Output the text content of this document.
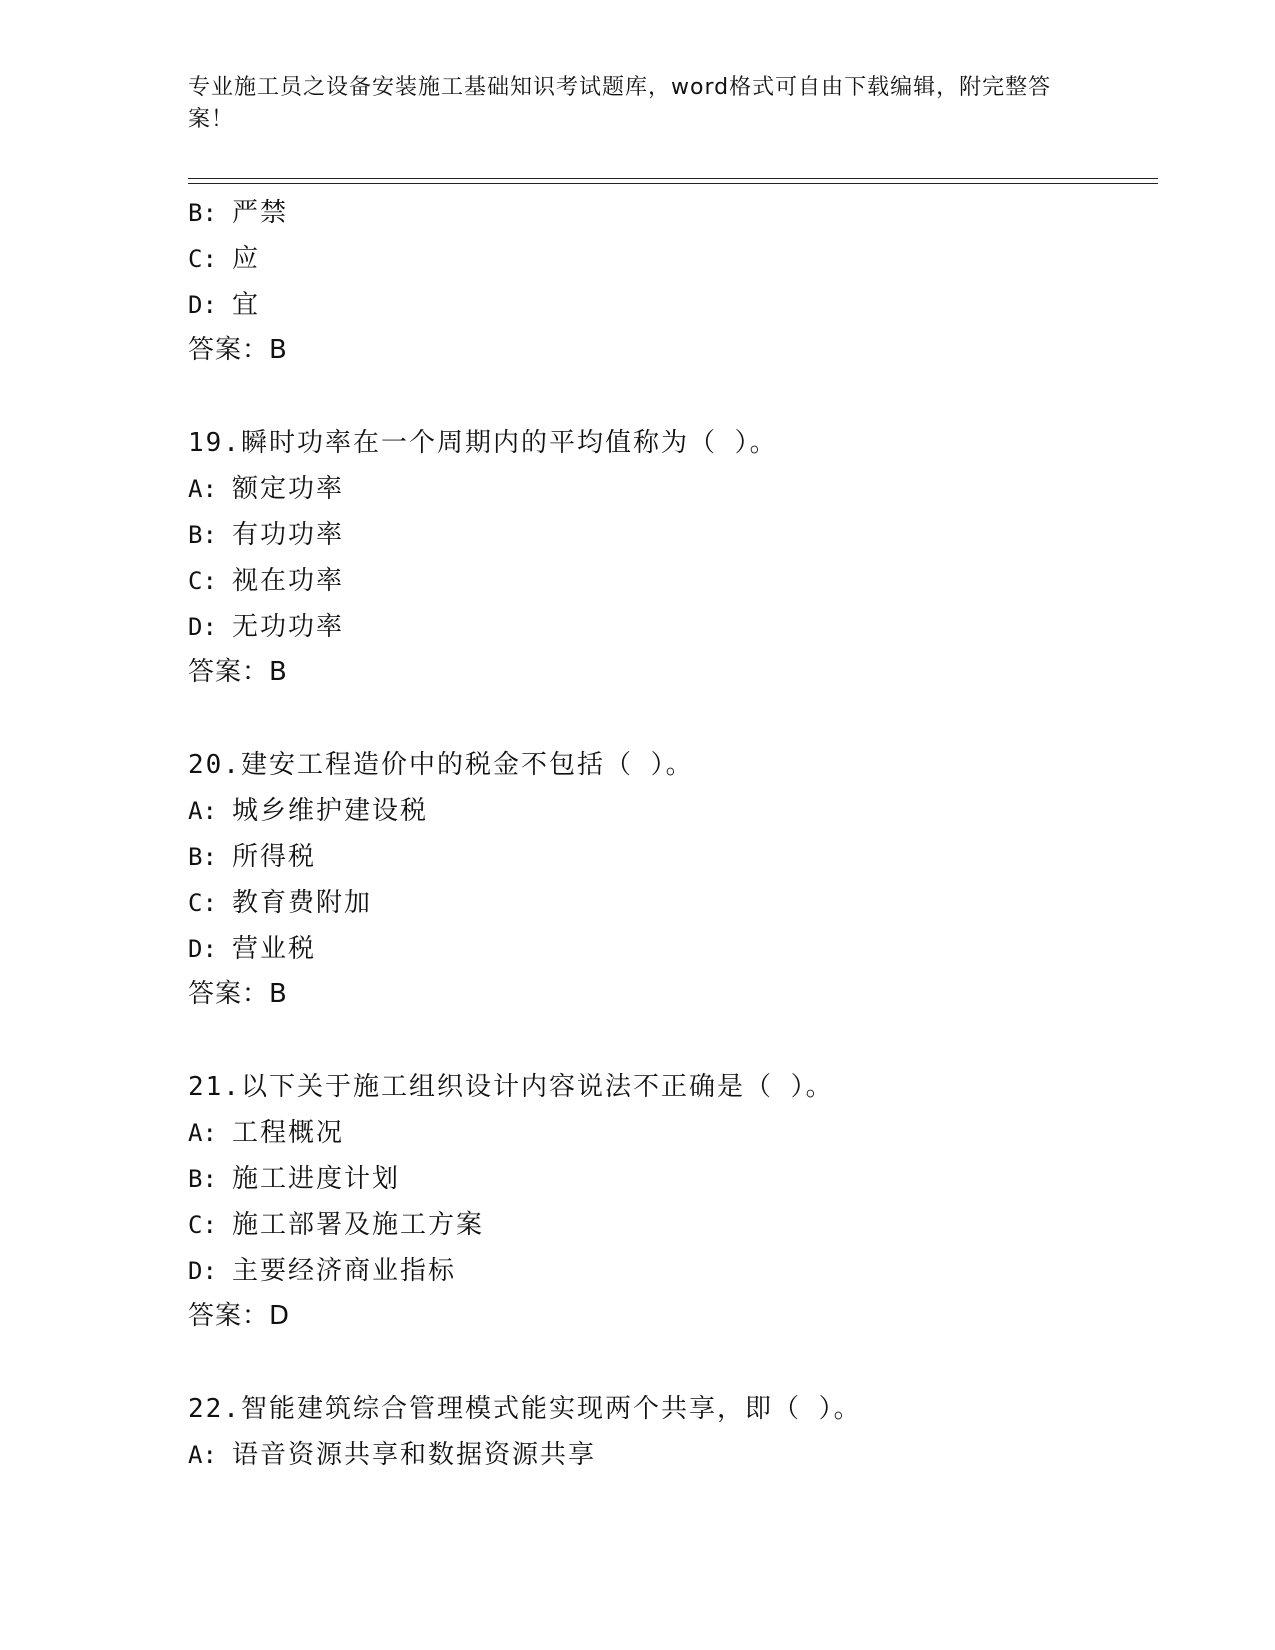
专业施工员之设备安装施工基础知识考试题库，word格式可自由下载编辑，附完整答案！

B: 严禁
C: 应
D: 宜
答案：B
19.瞬时功率在一个周期内的平均值称为（ ）。
A: 额定功率
B: 有功功率
C: 视在功率
D: 无功功率
答案：B
20.建安工程造价中的税金不包括（ ）。
A: 城乡维护建设税
B: 所得税
C: 教育费附加
D: 营业税
答案：B
21.以下关于施工组织设计内容说法不正确是（ ）。
A: 工程概况
B: 施工进度计划
C: 施工部署及施工方案
D: 主要经济商业指标
答案：D
22.智能建筑综合管理模式能实现两个共享，即（ ）。
A: 语音资源共享和数据资源共享
